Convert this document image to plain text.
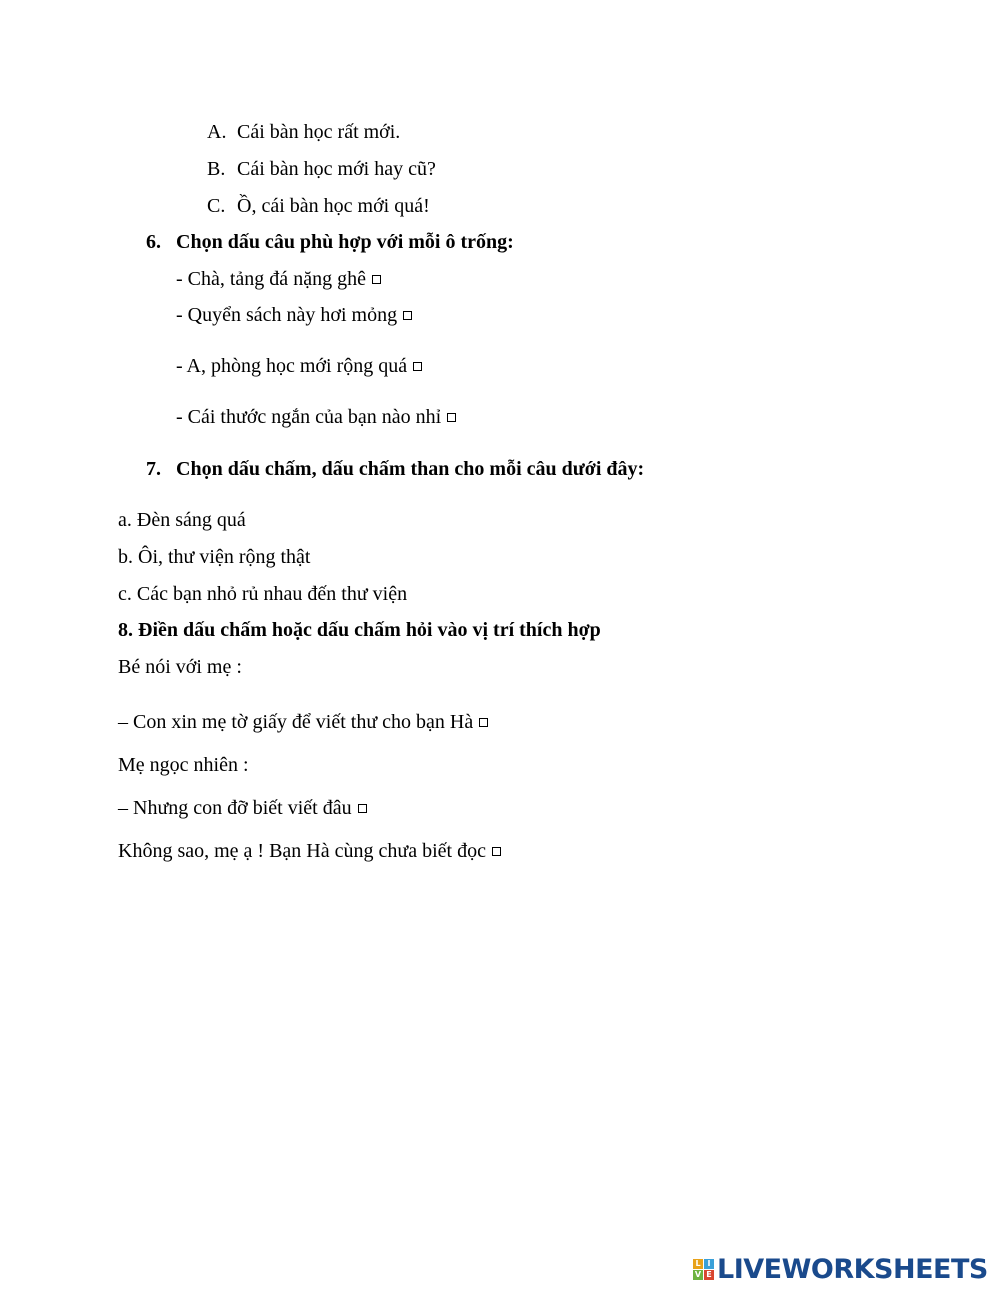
A. Cái bàn học rất mới.
B. Cái bàn học mới hay cũ?
C. Ồ, cái bàn học mới quá!
6. Chọn dấu câu phù hợp với mỗi ô trống:
- Chà, tảng đá nặng ghê
- Quyển sách này hơi mỏng
- A, phòng học mới rộng quá
- Cái thước ngắn của bạn nào nhỉ
7. Chọn dấu chấm, dấu chấm than cho mỗi câu dưới đây:
a. Đèn sáng quá
b. Ôi, thư viện rộng thật
c. Các bạn nhỏ rủ nhau đến thư viện
8. Điền dấu chấm hoặc dấu chấm hỏi vào vị trí thích hợp
Bé nói với mẹ :
– Con xin mẹ tờ giấy để viết thư cho bạn Hà
Mẹ ngọc nhiên :
– Nhưng con đỡ biết viết đâu
Không sao, mẹ ạ ! Bạn Hà cùng chưa biết đọc
L I
V E LIVEWORKSHEETS
